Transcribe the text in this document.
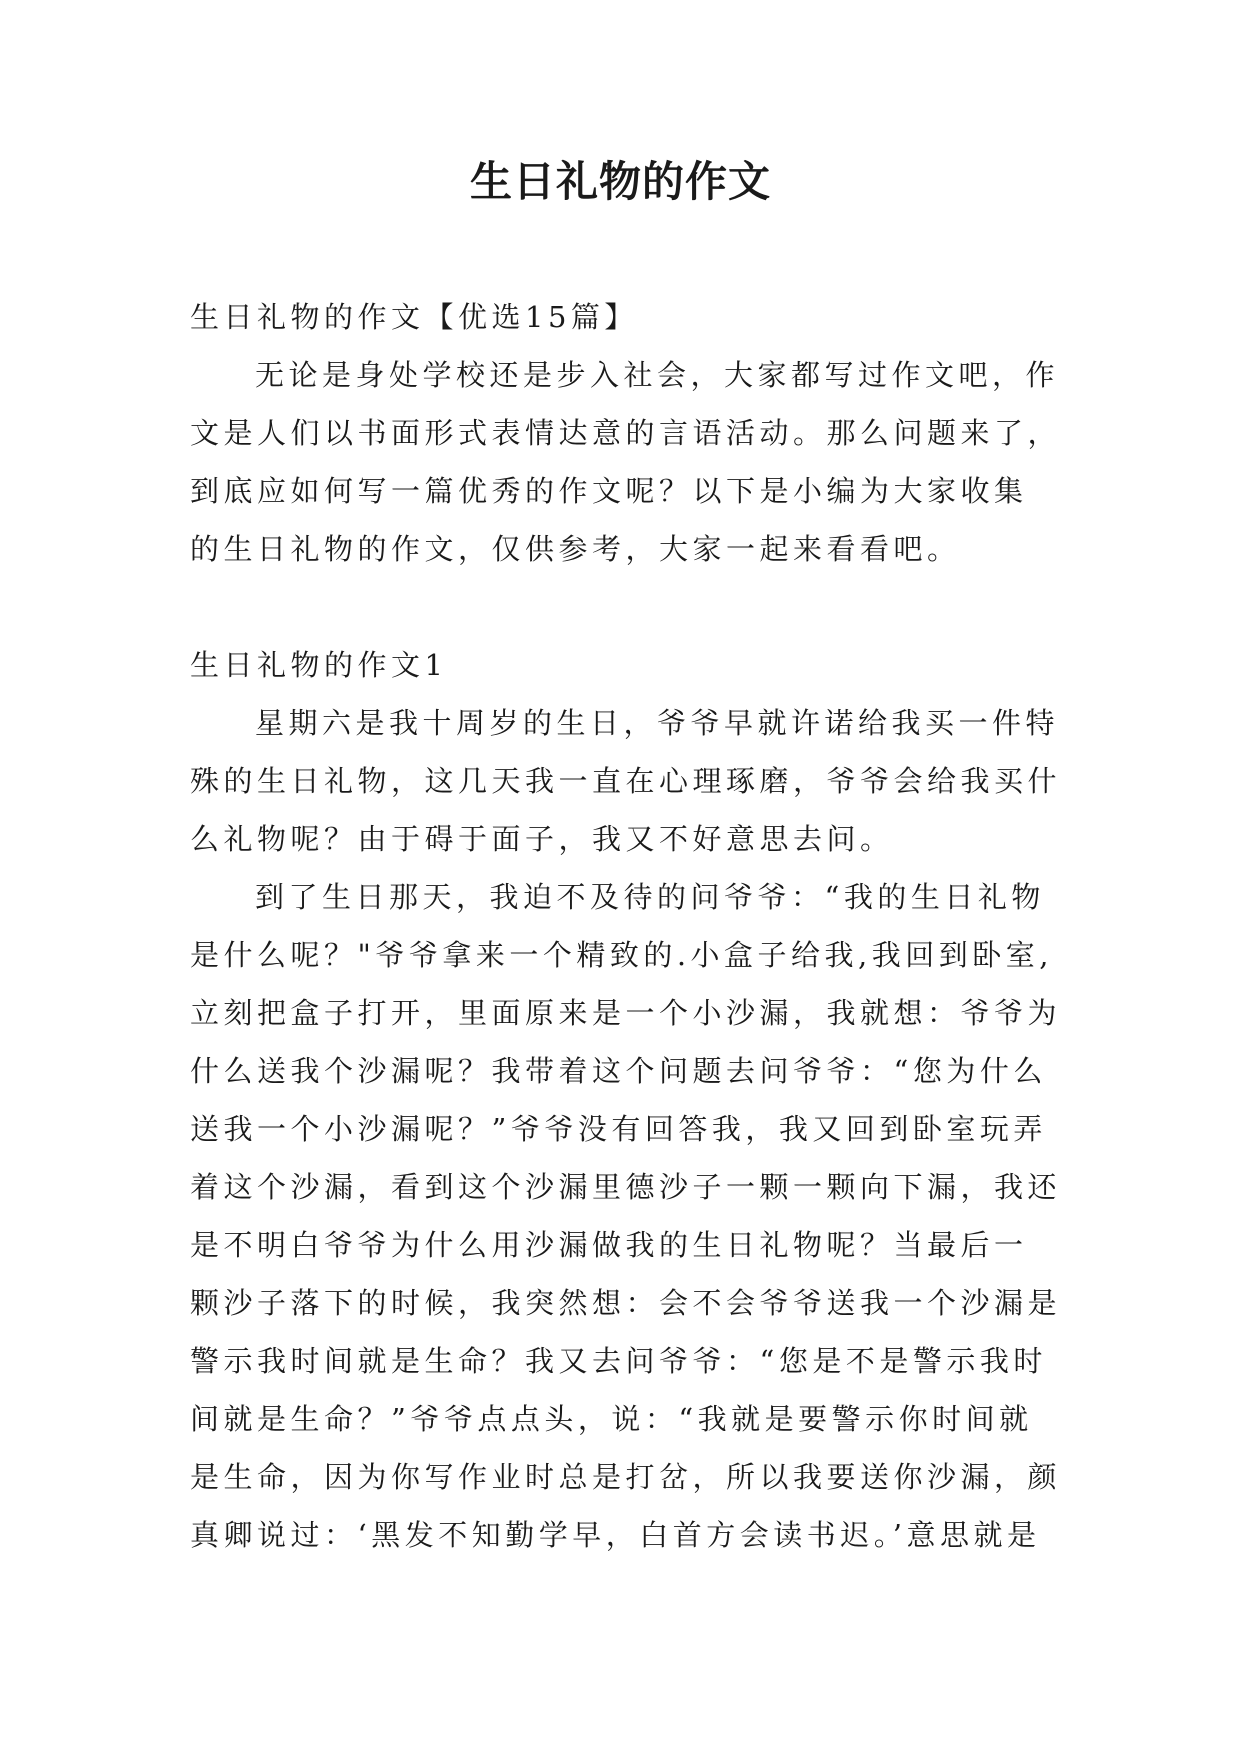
生日礼物的作文
生日礼物的作文【优选15篇】
无论是身处学校还是步入社会，大家都写过作文吧，作
文是人们以书面形式表情达意的言语活动。那么问题来了，
到底应如何写一篇优秀的作文呢？以下是小编为大家收集
的生日礼物的作文，仅供参考，大家一起来看看吧。
生日礼物的作文1
星期六是我十周岁的生日，爷爷早就许诺给我买一件特
殊的生日礼物，这几天我一直在心理琢磨，爷爷会给我买什
么礼物呢？由于碍于面子，我又不好意思去问。
到了生日那天，我迫不及待的问爷爷：“我的生日礼物
是什么呢？"爷爷拿来一个精致的.小盒子给我,我回到卧室,
立刻把盒子打开，里面原来是一个小沙漏，我就想：爷爷为
什么送我个沙漏呢？我带着这个问题去问爷爷：“您为什么
送我一个小沙漏呢？”爷爷没有回答我，我又回到卧室玩弄
着这个沙漏，看到这个沙漏里德沙子一颗一颗向下漏，我还
是不明白爷爷为什么用沙漏做我的生日礼物呢？当最后一
颗沙子落下的时候，我突然想：会不会爷爷送我一个沙漏是
警示我时间就是生命？我又去问爷爷：“您是不是警示我时
间就是生命？”爷爷点点头，说：“我就是要警示你时间就
是生命，因为你写作业时总是打岔，所以我要送你沙漏，颜
真卿说过：‘黑发不知勤学早，白首方会读书迟。’意思就是
